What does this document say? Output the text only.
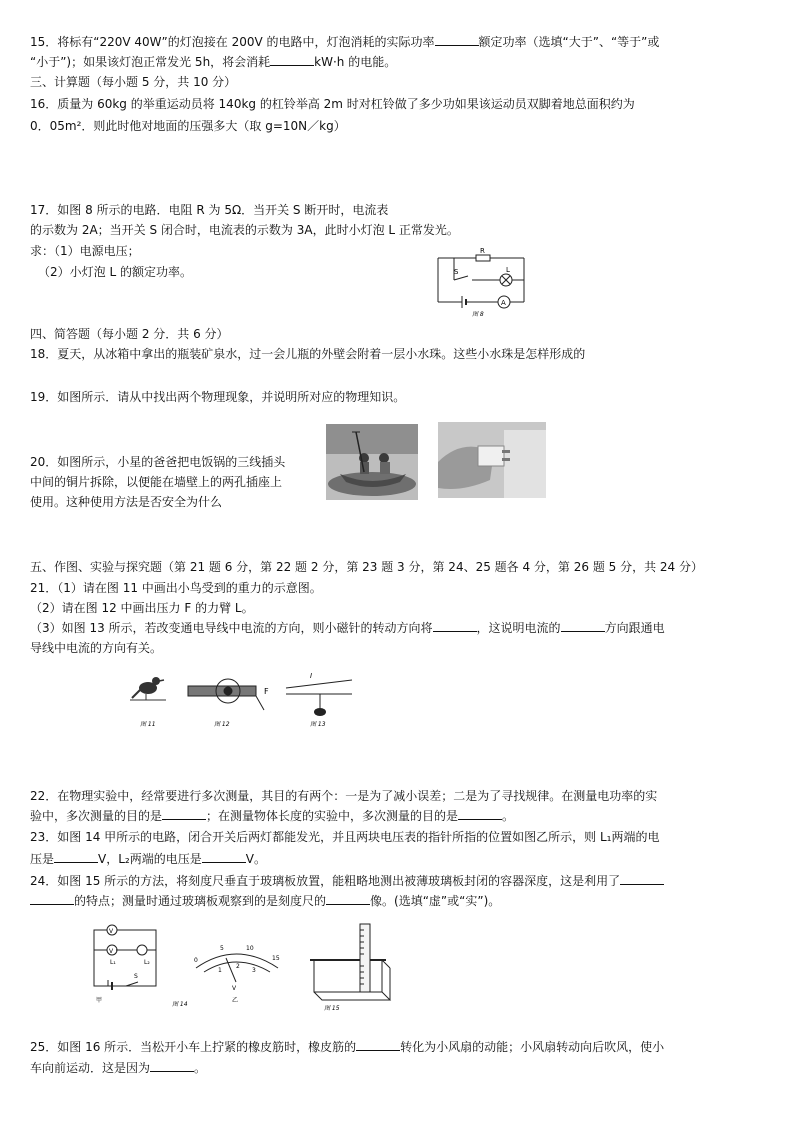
15．将标有“220V 40W”的灯泡接在 200V 的电路中，灯泡消耗的实际功率	额定功率（选填“大于”、“等于”或
“小于”)；如果该灯泡正常发光 5h，将会消耗	kW·h 的电能。
三、计算题（每小题 5 分，共 10 分）
16．质量为 60kg 的举重运动员将 140kg 的杠铃举高 2m 时对杠铃做了多少功如果该运动员双脚着地总面积约为
0．05m²．则此时他对地面的压强多大（取 g=10N／kg）
17．如图 8 所示的电路．电阻 R 为 5Ω．当开关 S 断开时，电流表
的示数为 2A；当开关 S 闭合时，电流表的示数为 3A，此时小灯泡 L 正常发光。
求：（1）电源电压；
（2）小灯泡 L 的额定功率。
R
S	L
A
图 8
四、简答题（每小题 2 分．共 6 分）
18．夏天，从冰箱中拿出的瓶装矿泉水，过一会儿瓶的外壁会附着一层小水珠。这些小水珠是怎样形成的
19．如图所示．请从中找出两个物理现象，并说明所对应的物理知识。
20．如图所示，小星的爸爸把电饭锅的三线插头
中间的铜片拆除，以便能在墙壁上的两孔插座上
使用。这种使用方法是否安全为什么
五、作图、实验与探究题（第 21 题 6 分，第 22 题 2 分，第 23 题 3 分，第 24、25 题各 4 分，第 26 题 5 分，共 24 分）
21．（1）请在图 11 中画出小鸟受到的重力的示意图。
（2）请在图 12 中画出压力 F 的力臂 L。
（3）如图 13 所示，若改变通电导线中电流的方向，则小磁针的转动方向将	，这说明电流的	方向跟通电
导线中电流的方向有关。
图 11
F
图 12
I
图 13
22．在物理实验中，经常要进行多次测量，其目的有两个：一是为了减小误差；二是为了寻找规律。在测量电功率的实
验中，多次测量的目的是	；在测量物体长度的实验中，多次测量的目的是	。
23．如图 14 甲所示的电路，闭合开关后两灯都能发光，并且两块电压表的指针所指的位置如图乙所示，则 L₁两端的电
压是	V，L₂两端的电压是	V。
24．如图 15 所示的方法，将刻度尺垂直于玻璃板放置，能粗略地测出被薄玻璃板封闭的容器深度，这是利用了
的特点；测量时通过玻璃板观察到的是刻度尺的	像。(选填“虚”或“实”)。
V
V
L₁	L₂
S
甲
图 14
0
5	10
15
1
2
3
V
乙
图 15
25．如图 16 所示．当松开小车上拧紧的橡皮筋时，橡皮筋的	转化为小风扇的动能；小风扇转动向后吹风，使小
车向前运动．这是因为	。
